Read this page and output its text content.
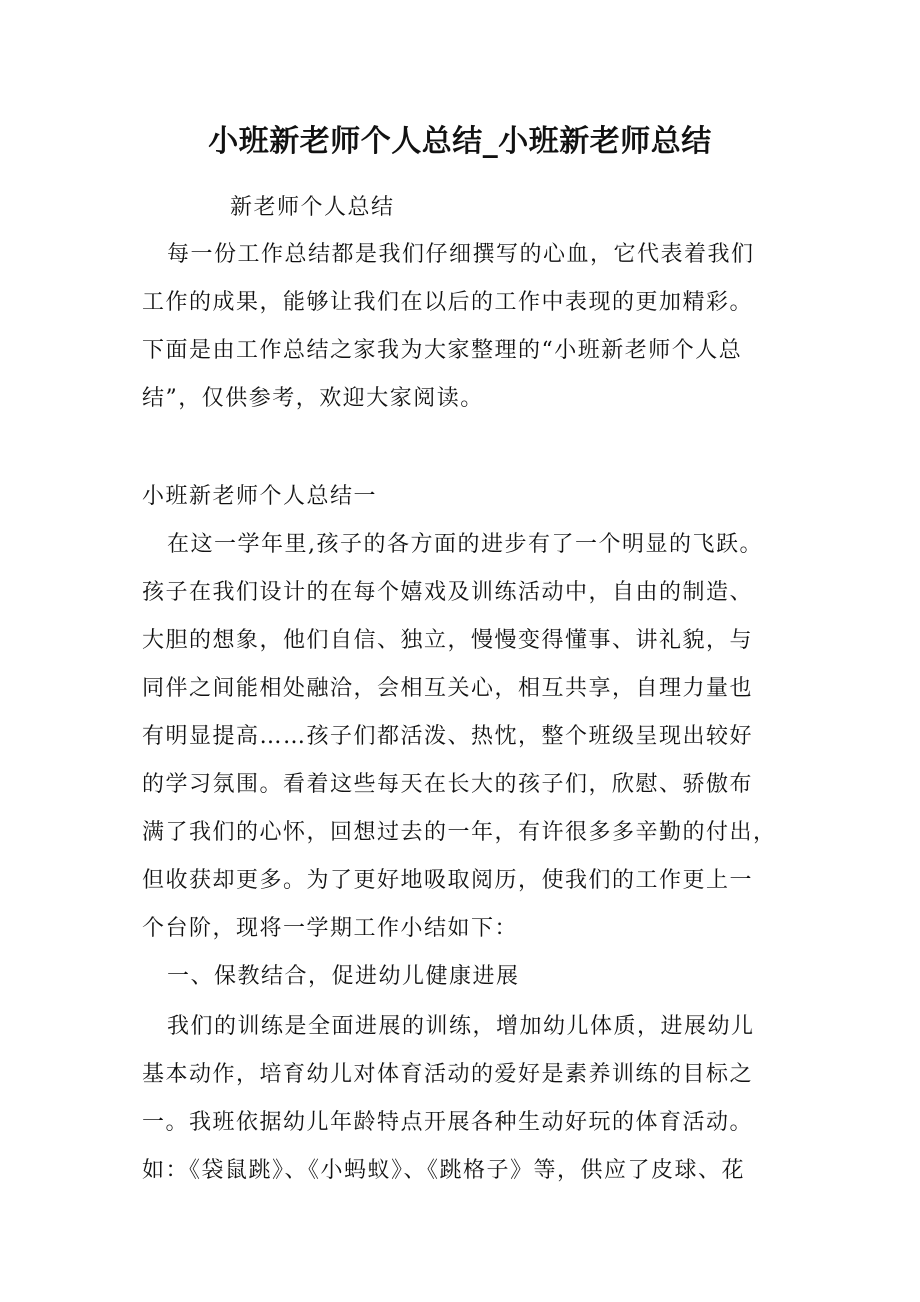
小班新老师个人总结_小班新老师总结
新老师个人总结
每一份工作总结都是我们仔细撰写的心血，它代表着我们
工作的成果，能够让我们在以后的工作中表现的更加精彩。
下面是由工作总结之家我为大家整理的“小班新老师个人总
结”，仅供参考，欢迎大家阅读。
小班新老师个人总结一
在这一学年里,孩子的各方面的进步有了一个明显的飞跃。
孩子在我们设计的在每个嬉戏及训练活动中，自由的制造、
大胆的想象，他们自信、独立，慢慢变得懂事、讲礼貌，与
同伴之间能相处融洽，会相互关心，相互共享，自理力量也
有明显提高……孩子们都活泼、热忱，整个班级呈现出较好
的学习氛围。看着这些每天在长大的孩子们，欣慰、骄傲布
满了我们的心怀，回想过去的一年，有许很多多辛勤的付出，
但收获却更多。为了更好地吸取阅历，使我们的工作更上一
个台阶，现将一学期工作小结如下：
一、保教结合，促进幼儿健康进展
我们的训练是全面进展的训练，增加幼儿体质，进展幼儿
基本动作，培育幼儿对体育活动的爱好是素养训练的目标之
一。我班依据幼儿年龄特点开展各种生动好玩的体育活动。
如：《袋鼠跳》、《小蚂蚁》、《跳格子》等，供应了皮球、花
